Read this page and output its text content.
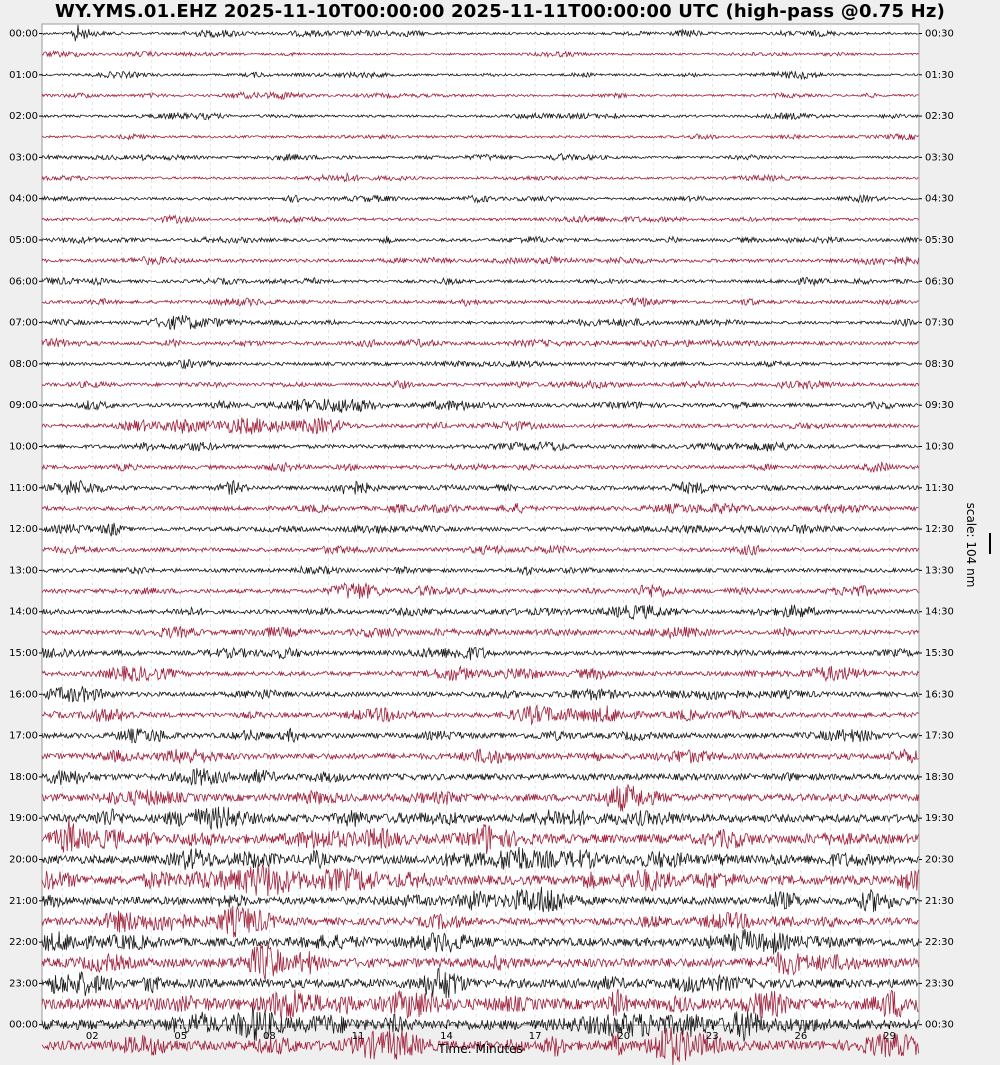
WY.YMS.01.EHZ 2025-11-10T00:00:00 2025-11-11T00:00:00 UTC (high-pass @0.75 Hz)
00:00
01:00
02:00
03:00
04:00
05:00
06:00
07:00
08:00
09:00
10:00
11:00
12:00
13:00
14:00
15:00
16:00
17:00
18:00
19:00
20:00
21:00
22:00
23:00
00:00
00:30
01:30
02:30
03:30
04:30
05:30
06:30
07:30
08:30
09:30
10:30
11:30
12:30
13:30
14:30
15:30
16:30
17:30
18:30
19:30
20:30
21:30
22:30
23:30
00:30
02	05	08	11	14	17	20	23	26	29
scale: 104 nm
Time: Minutes
